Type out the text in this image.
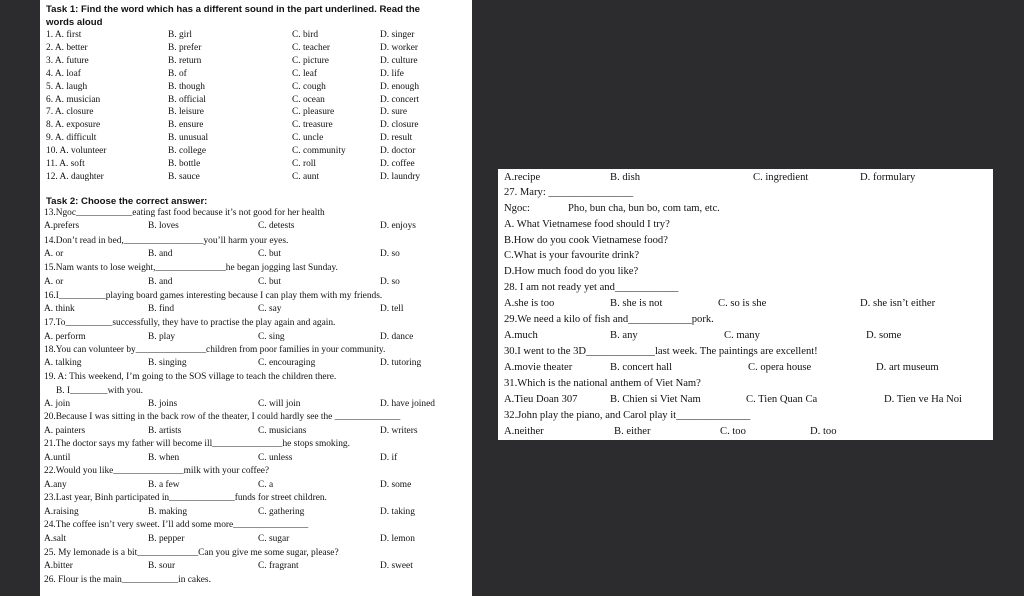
Task 1: Find the word which has a different sound in the part underlined. Read the
words aloud
1. A. first	B. girl	C. bird	D. singer
2. A. better	B. prefer	C. teacher	D. worker
3. A. future	B. return	C. picture	D. culture
4. A. loaf	B. of	C. leaf	D. life
5. A. laugh	B. though	C. cough	D. enough
6. A. musician	B. official	C. ocean	D. concert
7. A. closure	B. leisure	C. pleasure	D. sure
8. A. exposure	B. ensure	C. treasure	D. closure
9. A. difficult	B. unusual	C. uncle	D. result
10. A. volunteer	B. college	C. community	D. doctor
11. A. soft	B. bottle	C. roll	D. coffee
12. A. daughter	B. sauce	C. aunt	D. laundry
Task 2: Choose the correct answer:
13.Ngoc____________eating fast food because it’s not good for her health
A.prefers	B. loves	C. detests	D. enjoys
14.Don’t read in bed,_________________you’ll harm your eyes.
A. or	B. and	C. but	D. so
15.Nam wants to lose weight,_______________he began jogging last Sunday.
A. or	B. and	C. but	D. so
16.I__________playing board games interesting because I can play them with my friends.
A. think	B. find	C. say	D. tell
17.To__________successfully, they have to practise the play again and again.
A. perform	B. play	C. sing	D. dance
18.You can volunteer by_______________children from poor families in your community.
A. talking	B. singing	C. encouraging	D. tutoring
19. A: This weekend, I’m going to the SOS village to teach the children there.
B. I________with you.
A. join	B. joins	C. will join	D. have joined
20.Because I was sitting in the back row of the theater, I could hardly see the ______________
A. painters	B. artists	C. musicians	D. writers
21.The doctor says my father will become ill_______________he stops smoking.
A.until	B. when	C. unless	D. if
22.Would you like_______________milk with your coffee?
A.any	B. a few	C. a	D. some
23.Last year, Binh participated in______________funds for street children.
A.raising	B. making	C. gathering	D. taking
24.The coffee isn’t very sweet. I’ll add some more________________
A.salt	B. pepper	C. sugar	D. lemon
25. My lemonade is a bit_____________Can you give me some sugar, please?
A.bitter	B. sour	C. fragrant	D. sweet
26. Flour is the main____________in cakes.
A.recipe	B. dish	C. ingredient	D. formulary
27. Mary: ________________
Ngoc:	Pho, bun cha, bun bo, com tam, etc.
A. What Vietnamese food should I try?
B.How do you cook Vietnamese food?
C.What is your favourite drink?
D.How much food do you like?
28. I am not ready yet and____________
A.she is too	B. she is not	C. so is she	D. she isn’t either
29.We need a kilo of fish and____________pork.
A.much	B. any	C. many	D. some
30.I went to the 3D_____________last week. The paintings are excellent!
A.movie theater	B. concert hall	C. opera house	D. art museum
31.Which is the national anthem of Viet Nam?
A.Tieu Doan 307	B. Chien si Viet Nam	C. Tien Quan Ca	D. Tien ve Ha Noi
32.John play the piano, and Carol play it______________
A.neither	B. either	C. too	D. too
